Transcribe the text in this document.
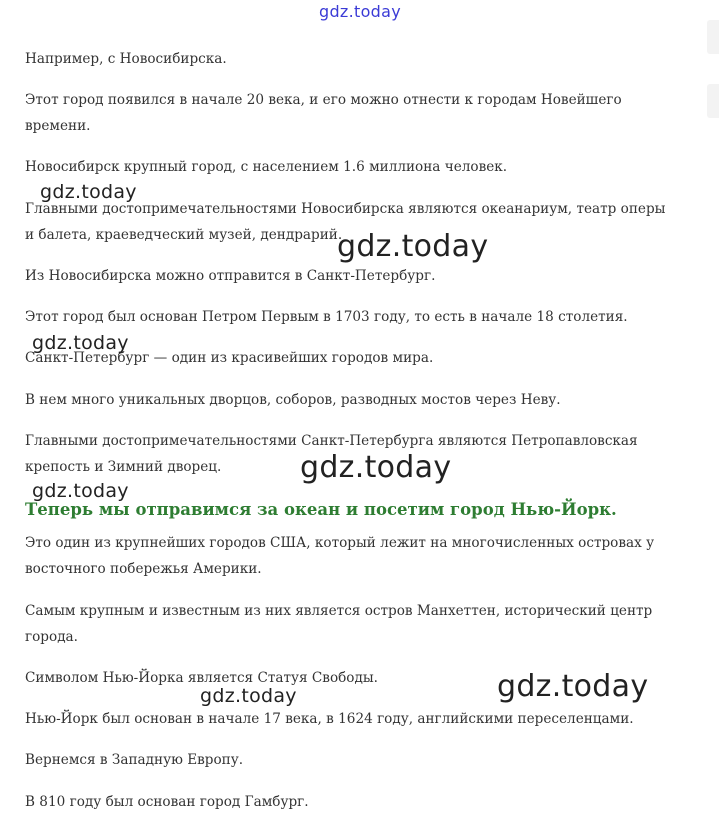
gdz.today

Например, с Новосибирска.

Этот город появился в начале 20 века, и его можно отнести к городам Новейшего времени.

Новосибирск крупный город, с населением 1.6 миллиона человек.

Главными достопримечательностями Новосибирска являются океанариум, театр оперы и балета, краеведческий музей, дендрарий.

Из Новосибирска можно отправится в Санкт-Петербург.

Этот город был основан Петром Первым в 1703 году, то есть в начале 18 столетия.

Санкт-Петербург — один из красивейших городов мира.

В нем много уникальных дворцов, соборов, разводных мостов через Неву.

Главными достопримечательностями Санкт-Петербурга являются Петропавловская крепость и Зимний дворец.

Теперь мы отправимся за океан и посетим город Нью-Йорк.

Это один из крупнейших городов США, который лежит на многочисленных островах у восточного побережья Америки.

Самым крупным и известным из них является остров Манхеттен, исторический центр города.

Символом Нью-Йорка является Статуя Свободы.

Нью-Йорк был основан в начале 17 века, в 1624 году, английскими переселенцами.

Вернемся в Западную Европу.

В 810 году был основан город Гамбург.

gdz.today
gdz.today
gdz.today
gdz.today
gdz.today
gdz.today
gdz.today
